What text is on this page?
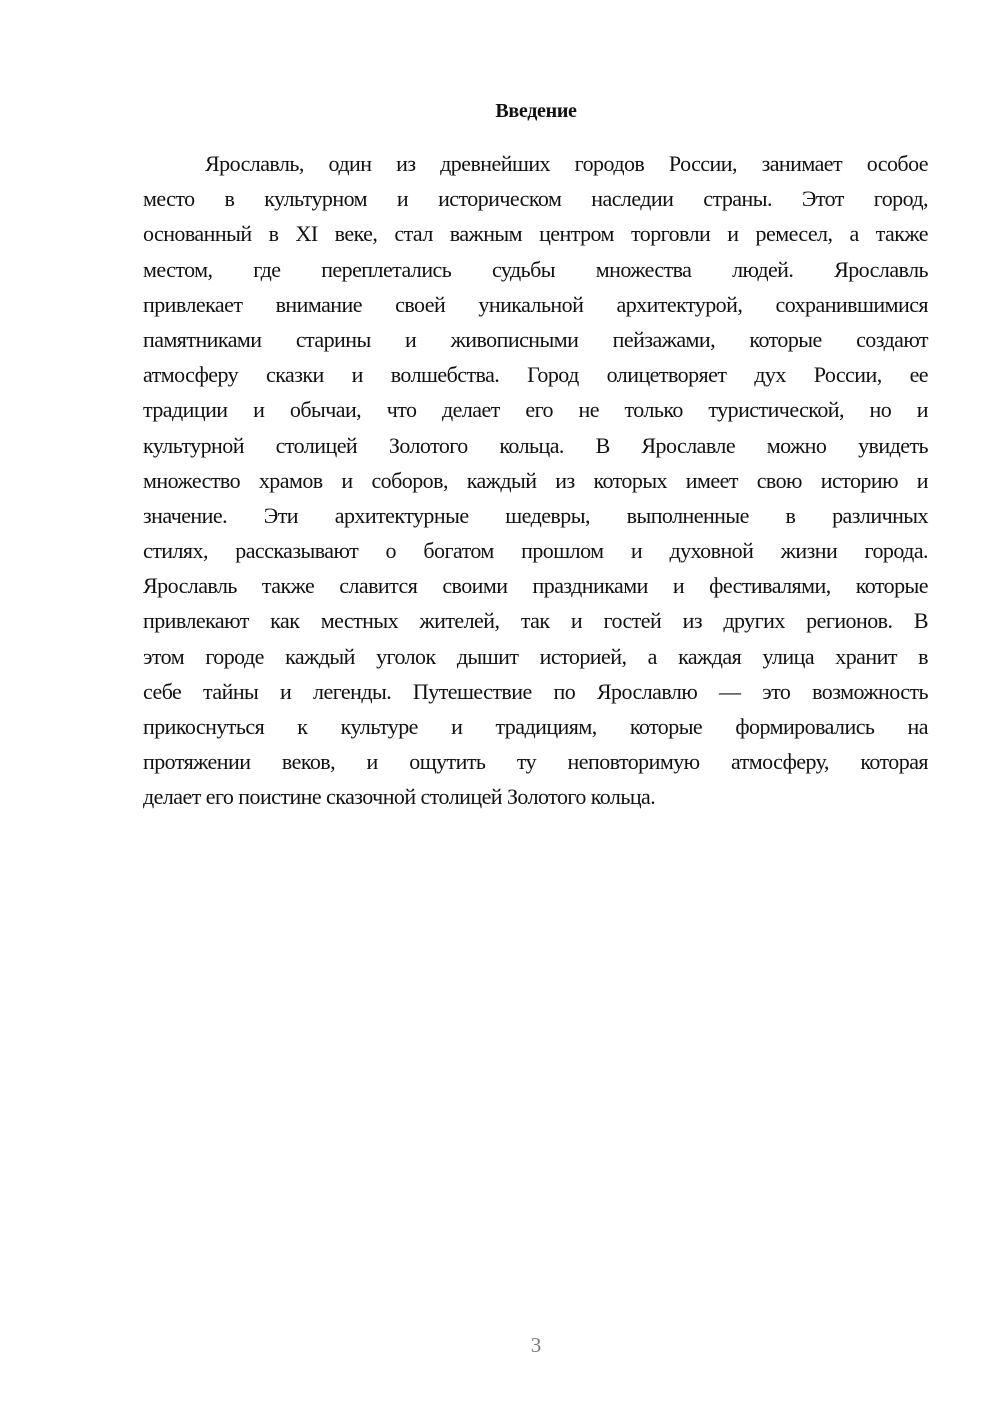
Введение
Ярославль, один из древнейших городов России, занимает особое
место в культурном и историческом наследии страны. Этот город,
основанный в XI веке, стал важным центром торговли и ремесел, а также
местом, где переплетались судьбы множества людей. Ярославль
привлекает внимание своей уникальной архитектурой, сохранившимися
памятниками старины и живописными пейзажами, которые создают
атмосферу сказки и волшебства. Город олицетворяет дух России, ее
традиции и обычаи, что делает его не только туристической, но и
культурной столицей Золотого кольца. В Ярославле можно увидеть
множество храмов и соборов, каждый из которых имеет свою историю и
значение. Эти архитектурные шедевры, выполненные в различных
стилях, рассказывают о богатом прошлом и духовной жизни города.
Ярославль также славится своими праздниками и фестивалями, которые
привлекают как местных жителей, так и гостей из других регионов. В
этом городе каждый уголок дышит историей, а каждая улица хранит в
себе тайны и легенды. Путешествие по Ярославлю — это возможность
прикоснуться к культуре и традициям, которые формировались на
протяжении веков, и ощутить ту неповторимую атмосферу, которая
делает его поистине сказочной столицей Золотого кольца.
3
